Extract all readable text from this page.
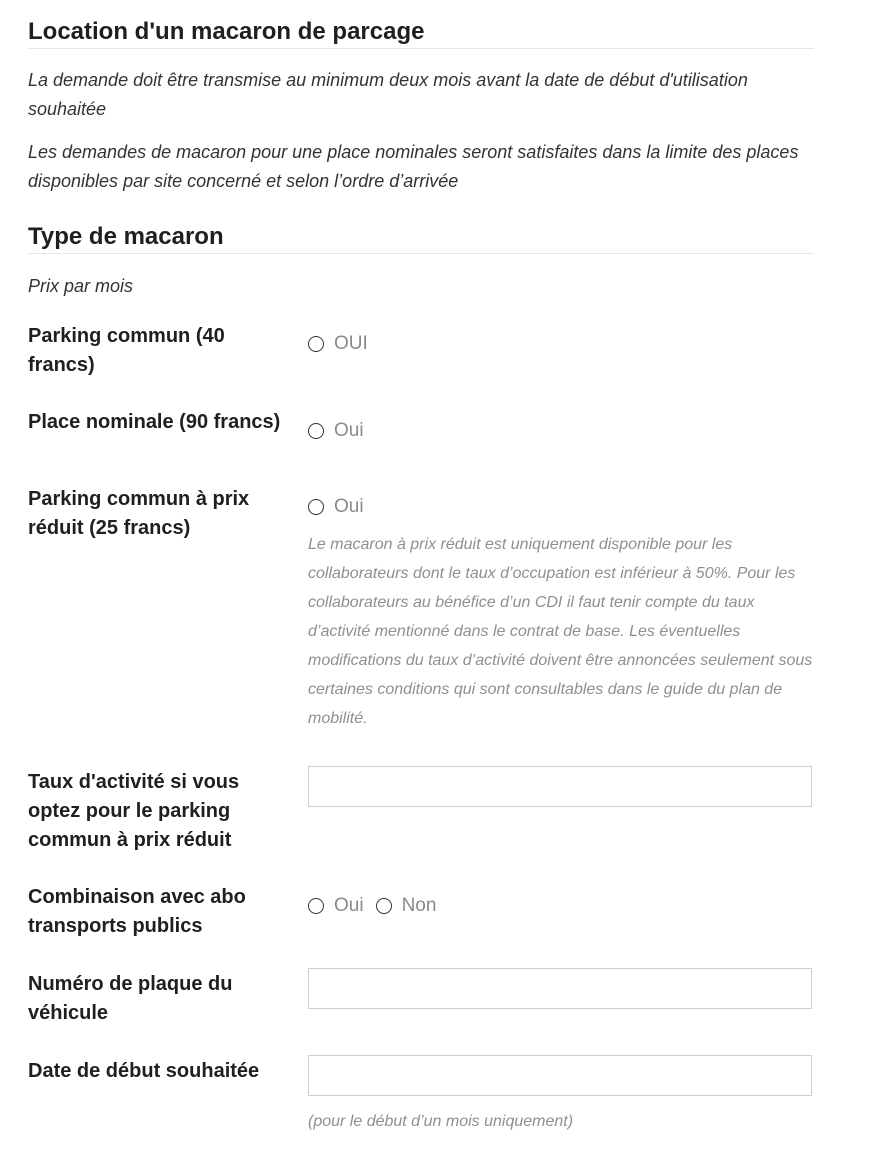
Location d'un macaron de parcage

La demande doit être transmise au minimum deux mois avant la date de début d'utilisation souhaitée

Les demandes de macaron pour une place nominales seront satisfaites dans la limite des places disponibles par site concerné et selon l’ordre d’arrivée

Type de macaron
Prix par mois
Parking commun (40 francs)
OUI
Place nominale (90 francs)	Oui
Parking commun à prix réduit (25 francs)
Oui
Le macaron à prix réduit est uniquement disponible pour les collaborateurs dont le taux d’occupation est inférieur à 50%. Pour les collaborateurs au bénéfice d’un CDI il faut tenir compte du taux d’activité mentionné dans le contrat de base. Les éventuelles modifications du taux d’activité doivent être annoncées seulement sous certaines conditions qui sont consultables dans le guide du plan de mobilité.
Taux d'activité si vous optez pour le parking commun à prix réduit
Combinaison avec abo transports publics
Oui Non
Numéro de plaque du véhicule
Date de début souhaitée
(pour le début d’un mois uniquement)
